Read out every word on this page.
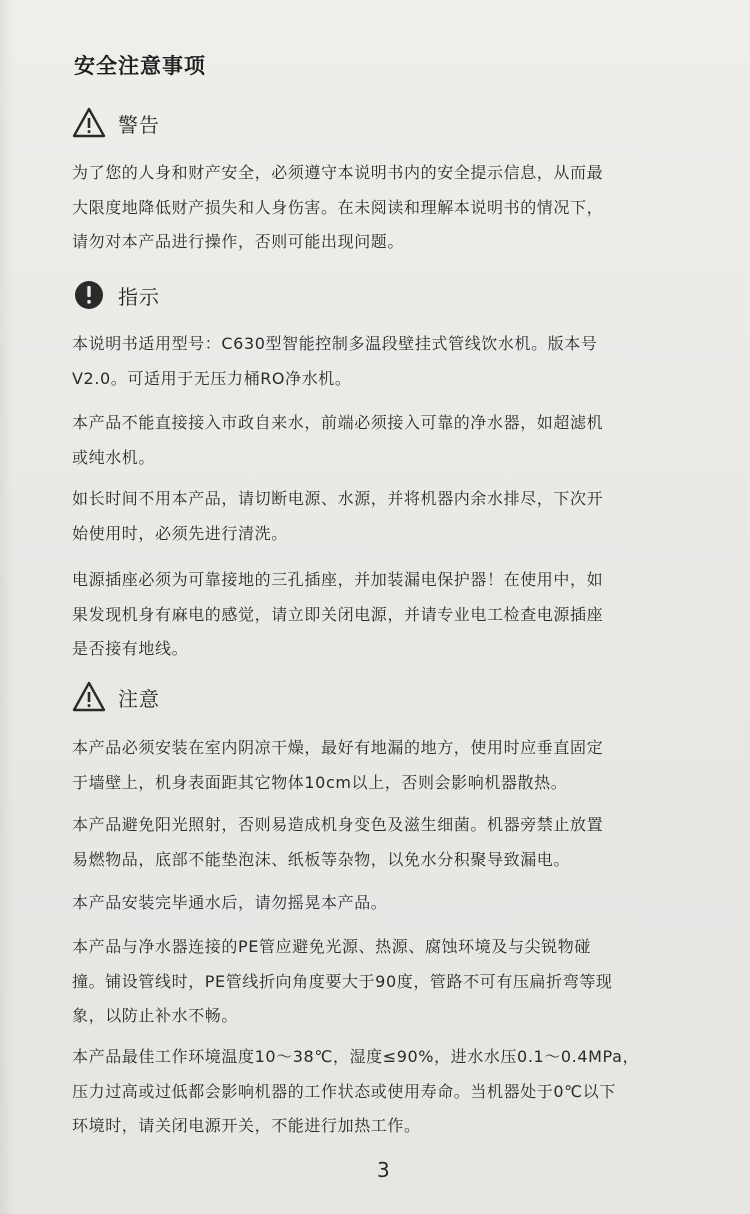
安全注意事项
警告
为了您的人身和财产安全，必须遵守本说明书内的安全提示信息，从而最
大限度地降低财产损失和人身伤害。在未阅读和理解本说明书的情况下，
请勿对本产品进行操作，否则可能出现问题。
指示
本说明书适用型号：C630型智能控制多温段壁挂式管线饮水机。版本号
V2.0。可适用于无压力桶RO净水机。
本产品不能直接接入市政自来水，前端必须接入可靠的净水器，如超滤机
或纯水机。
如长时间不用本产品，请切断电源、水源，并将机器内余水排尽，下次开
始使用时，必须先进行清洗。
电源插座必须为可靠接地的三孔插座，并加装漏电保护器！在使用中，如
果发现机身有麻电的感觉，请立即关闭电源，并请专业电工检查电源插座
是否接有地线。
注意
本产品必须安装在室内阴凉干燥，最好有地漏的地方，使用时应垂直固定
于墙壁上，机身表面距其它物体10cm以上，否则会影响机器散热。
本产品避免阳光照射，否则易造成机身变色及滋生细菌。机器旁禁止放置
易燃物品，底部不能垫泡沫、纸板等杂物，以免水分积聚导致漏电。
本产品安装完毕通水后，请勿摇晃本产品。
本产品与净水器连接的PE管应避免光源、热源、腐蚀环境及与尖锐物碰
撞。铺设管线时，PE管线折向角度要大于90度，管路不可有压扁折弯等现
象，以防止补水不畅。
本产品最佳工作环境温度10～38℃，湿度≤90%，进水水压0.1～0.4MPa，
压力过高或过低都会影响机器的工作状态或使用寿命。当机器处于0℃以下
环境时，请关闭电源开关，不能进行加热工作。
3
